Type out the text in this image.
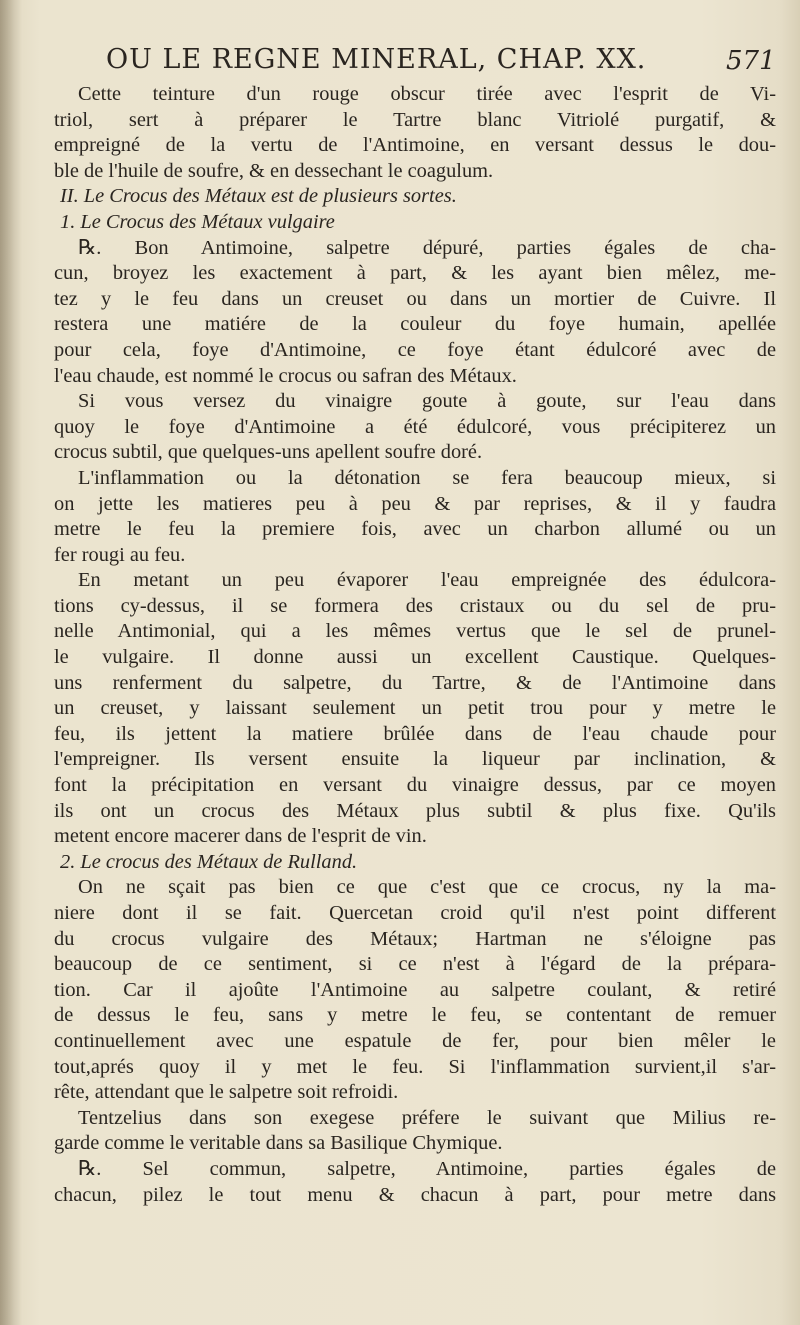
OU LE REGNE MINERAL, CHAP. XX.	571
Cette teinture d'un rouge obscur tirée avec l'esprit de Vi-
triol, sert à préparer le Tartre blanc Vitriolé purgatif, &
empreigné de la vertu de l'Antimoine, en versant dessus le dou-
ble de l'huile de soufre, & en dessechant le coagulum.
II. Le Crocus des Métaux est de plusieurs sortes.
1. Le Crocus des Métaux vulgaire
℞. Bon Antimoine, salpetre dépuré, parties égales de cha-
cun, broyez les exactement à part, & les ayant bien mêlez, me-
tez y le feu dans un creuset ou dans un mortier de Cuivre. Il
restera une matiére de la couleur du foye humain, apellée
pour cela, foye d'Antimoine, ce foye étant édulcoré avec de
l'eau chaude, est nommé le crocus ou safran des Métaux.
Si vous versez du vinaigre goute à goute, sur l'eau dans
quoy le foye d'Antimoine a été édulcoré, vous précipiterez un
crocus subtil, que quelques-uns apellent soufre doré.
L'inflammation ou la détonation se fera beaucoup mieux, si
on jette les matieres peu à peu & par reprises, & il y faudra
metre le feu la premiere fois, avec un charbon allumé ou un
fer rougi au feu.
En metant un peu évaporer l'eau empreignée des édulcora-
tions cy-dessus, il se formera des cristaux ou du sel de pru-
nelle Antimonial, qui a les mêmes vertus que le sel de prunel-
le vulgaire. Il donne aussi un excellent Caustique. Quelques-
uns renferment du salpetre, du Tartre, & de l'Antimoine dans
un creuset, y laissant seulement un petit trou pour y metre le
feu, ils jettent la matiere brûlée dans de l'eau chaude pour
l'empreigner. Ils versent ensuite la liqueur par inclination, &
font la précipitation en versant du vinaigre dessus, par ce moyen
ils ont un crocus des Métaux plus subtil & plus fixe. Qu'ils
metent encore macerer dans de l'esprit de vin.
2. Le crocus des Métaux de Rulland.
On ne sçait pas bien ce que c'est que ce crocus, ny la ma-
niere dont il se fait. Quercetan croid qu'il n'est point different
du crocus vulgaire des Métaux; Hartman ne s'éloigne pas
beaucoup de ce sentiment, si ce n'est à l'égard de la prépara-
tion. Car il ajoûte l'Antimoine au salpetre coulant, & retiré
de dessus le feu, sans y metre le feu, se contentant de remuer
continuellement avec une espatule de fer, pour bien mêler le
tout,aprés quoy il y met le feu. Si l'inflammation survient,il s'ar-
rête, attendant que le salpetre soit refroidi.
Tentzelius dans son exegese préfere le suivant que Milius re-
garde comme le veritable dans sa Basilique Chymique.
℞. Sel commun, salpetre, Antimoine, parties égales de
chacun, pilez le tout menu & chacun à part, pour metre dans
